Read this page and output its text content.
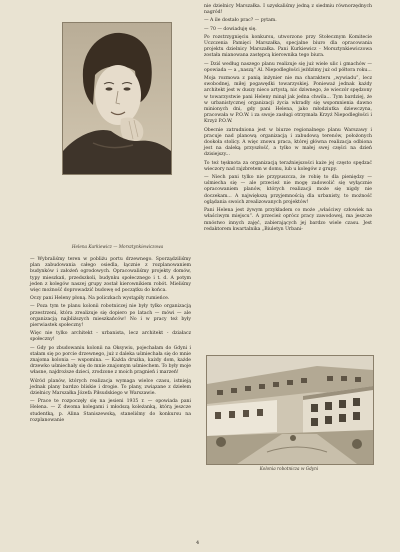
Helena Kurkiewicz — Morsztynkiewiczowa

— Wybraliśmy teren w pobliżu portu drzewnego. Sporządziliśmy plan zabudowania całego osiedla, łącznie z rozplanowaniem budynków i założeń ogrodowych. Opracowaliśmy projekty domów, typy mieszkań, przedszkoli, budynku społecznego i t. d. A potym jeden z kolegów naszej grupy został kierownikiem robót. Mieliśmy więc możność doprowadzić budowę od początku do końca.

Oczy pani Heleny płoną. Na policzkach wystąpiły rumieńce.

— Poza tym te planu kolonii robotniczej nie były tylko organizacją przestrzeni, która zrealizuje się dopiero po latach — mówi — ale organizacją najbliższych mieszkańców! No i w pracy też były pierwiastek społeczny!

Więc nie tylko architekt - urbanista, lecz architekt - działacz społeczny!

— Gdy po zbudowaniu kolonii na Oksywiu, pojechałam do Gdyni i stałam się po porcie drzewnego, już z daleka uśmiechała się do mnie znajoma kolonia — wspomina. — Każda drużka, każdy dom, każde drzewko uśmiechały się do mnie znajomym uśmiechem. To były moje własne, najdroższe dzieci, zrodzone z moich pragnień i marzeń!

Wśród planów, których realizacja wymaga wielce czasu, istnieją jednak plany bardzo bliskie i drogie. To plany, związane z dziełem dzielnicy Marszałka Józefa Piłsudskiego w Warszawie.

— Prace te rozpoczęły się na jesieni 1935 r. — opowiada pani Helena. — Z dwoma kolegami i młodszą koleżanką, którą jeszcze studentką, p. Alina Staniszewską, staneliśmy do konkursu na rozplanowanie

nie dzielnicy Marszałka. I uzyskaliśmy jedną z siedmiu równorzędnych nagród!

— A ile dostało prac? — pytam.

— 70 — dowiaduję się.

Po rozstrzygnięciu konkursu, utworzono przy Stołecznym Komitecie Uczczenia Pamięci Marszałka, specjalne biuro dla opracowania projektu dzielnicy Marszałka. Pani Kurkiewicz - Morsztynkiewiczowa została mianowana zastępcą kierownika tego biura.

— Dziś według naszego planu realizuje się już wiele ulic i gmachów — opowiada — a „naszą” Al. Niepodległości jeździmy już od półtora roku...

Moja rozmowa z panią inżynier nie ma charakteru „wywiadu”, lecz swobodnej, miłej pogawędki towarzyskiej. Ponieważ jednak każdy architekt jest w duszy nieco artystą, nic dziwnego, że wieczór spędzony w towarzystwie pani Heleny minął jak jedna chwila... Tym bardziej, że w urbanistycznej organizacji życia wkradły się wspomnienia dawno minionych dni, gdy pani Helena, jako młodziutka dziewczyna, pracowała w P.O.W. i za swoje zasługi otrzymała Krzyż Niepodległości i Krzyż P.O.W.

Obecnie zatrudniona jest w biurze regionalnego planu Warszawy i pracuje nad planową organizacją i zabudową terenów, położonych dookoła stolicy. A więc znowu praca, której główna realizacja odbiona jest na daleką przyszłość, a tylko w małej swej części na dzień dzisiejszy...

To też tęsknota za organizacją teraźniejszości każe jej często spędzać wieczory nad rajzbretem w domu, lub u kolegów z grupy.

— Niech pani tylko nie przypuszcza, że robię to dla pieniędzy — uśmiecha się — ale przecież nie mogę zadowolić się wyłącznie opracowaniem planów, których realizacji może się nigdy nie doczekam... A największą przyjemnością dla urbanisty, to możność oglądania swoich zrealizowanych projektów!

Pani Helena jest żywym przykładem co może „właściwy człowiek na właściwym miejscu”. A przecież oprócz pracy zawodowej, ma jeszcze mnóstwo innych zajęć, zabierających jej bardzo wiele czasu. Jest redaktorem kwartalnika „Biuletyn Urbani-

Kolonia robotnicza w Gdyni
4
